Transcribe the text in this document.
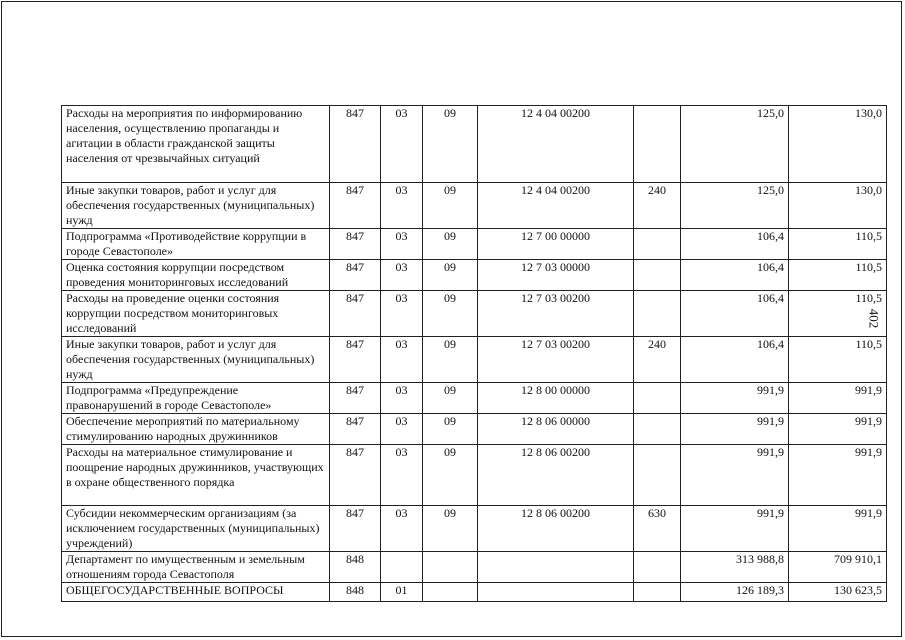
402
Расходы на мероприятия по информированию населения, осуществлению пропаганды и агитации в области гражданской защиты населения от чрезвычайных ситуаций	847	03	09	12 4 04 00200		125,0	130,0
Иные закупки товаров, работ и услуг для обеспечения государственных (муниципальных) нужд	847	03	09	12 4 04 00200	240	125,0	130,0
Подпрограмма «Противодействие коррупции в городе Севастополе»	847	03	09	12 7 00 00000		106,4	110,5
Оценка состояния коррупции посредством проведения мониторинговых исследований	847	03	09	12 7 03 00000		106,4	110,5
Расходы на проведение оценки состояния коррупции посредством мониторинговых исследований	847	03	09	12 7 03 00200		106,4	110,5
Иные закупки товаров, работ и услуг для обеспечения государственных (муниципальных) нужд	847	03	09	12 7 03 00200	240	106,4	110,5
Подпрограмма «Предупреждение правонарушений в городе Севастополе»	847	03	09	12 8 00 00000		991,9	991,9
Обеспечение мероприятий по материальному стимулированию народных дружинников	847	03	09	12 8 06 00000		991,9	991,9
Расходы на материальное стимулирование и поощрение народных дружинников, участвующих в охране общественного порядка	847	03	09	12 8 06 00200		991,9	991,9
Субсидии некоммерческим организациям (за исключением государственных (муниципальных) учреждений)	847	03	09	12 8 06 00200	630	991,9	991,9
Департамент по имущественным и земельным отношениям города Севастополя	848					313 988,8	709 910,1
ОБЩЕГОСУДАРСТВЕННЫЕ ВОПРОСЫ	848	01				126 189,3	130 623,5
